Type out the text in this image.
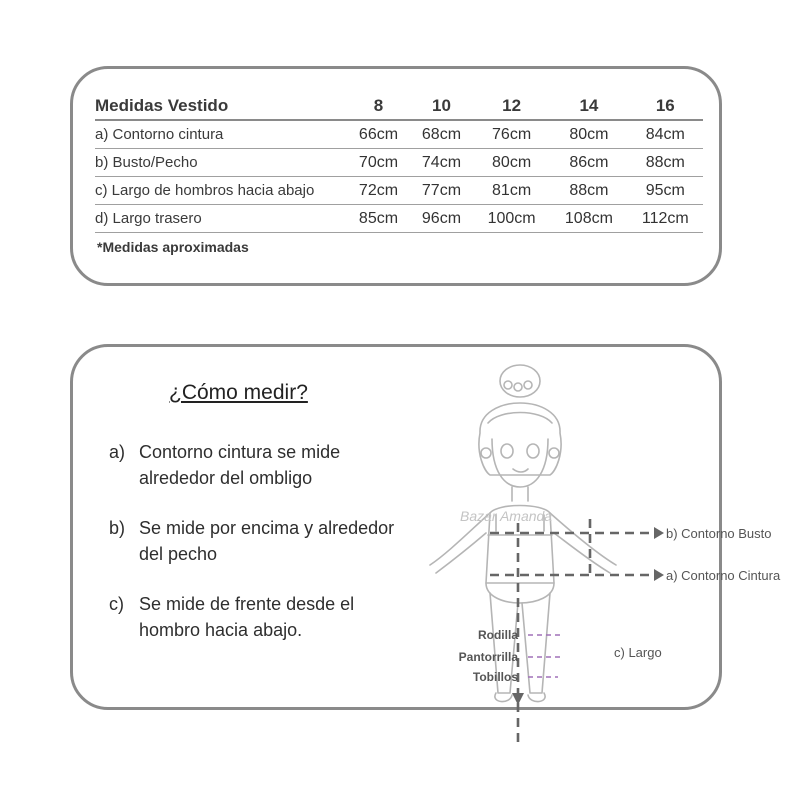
Medidas Vestido	8	10	12	14	16
a) Contorno cintura	66cm	68cm	76cm	80cm	84cm
b) Busto/Pecho	70cm	74cm	80cm	86cm	88cm
c) Largo de hombros hacia abajo	72cm	77cm	81cm	88cm	95cm
d) Largo trasero	85cm	96cm	100cm	108cm	112cm
*Medidas aproximadas
¿Cómo medir?
a) Contorno cintura se mide alrededor del ombligo
b) Se mide por encima y alrededor del pecho
c) Se mide de frente desde el hombro hacia abajo.
Bazar Amanda
b) Contorno Busto
a) Contorno Cintura
c) Largo
Rodilla
Pantorrilla
Tobillos
